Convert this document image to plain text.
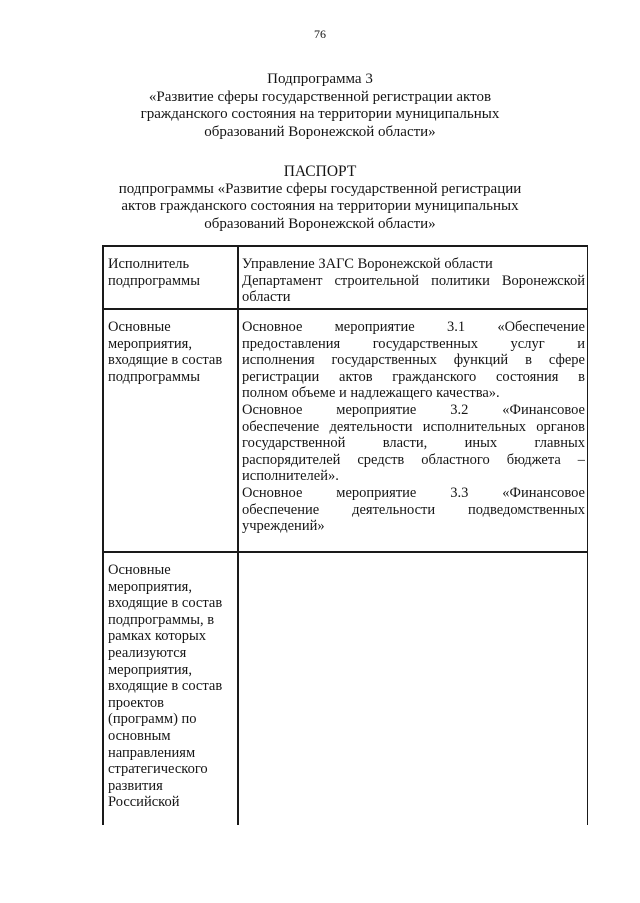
76
Подпрограмма 3
«Развитие сферы государственной регистрации актов
гражданского состояния на территории муниципальных
образований Воронежской области»
ПАСПОРТ
подпрограммы «Развитие сферы государственной регистрации
актов гражданского состояния на территории муниципальных
образований Воронежской области»
Исполнитель
подпрограммы
Управление ЗАГС Воронежской области
Департамент строительной политики Воронежской
области
Основные
мероприятия,
входящие в состав
подпрограммы
Основное мероприятие 3.1 «Обеспечение
предоставления государственных услуг и
исполнения государственных функций в сфере
регистрации актов гражданского состояния в
полном объеме и надлежащего качества».
Основное мероприятие 3.2 «Финансовое
обеспечение деятельности исполнительных органов
государственной власти, иных главных
распорядителей средств областного бюджета –
исполнителей».
Основное мероприятие 3.3 «Финансовое
обеспечение деятельности подведомственных
учреждений»
Основные
мероприятия,
входящие в состав
подпрограммы, в
рамках которых
реализуются
мероприятия,
входящие в состав
проектов
(программ) по
основным
направлениям
стратегического
развития
Российской
